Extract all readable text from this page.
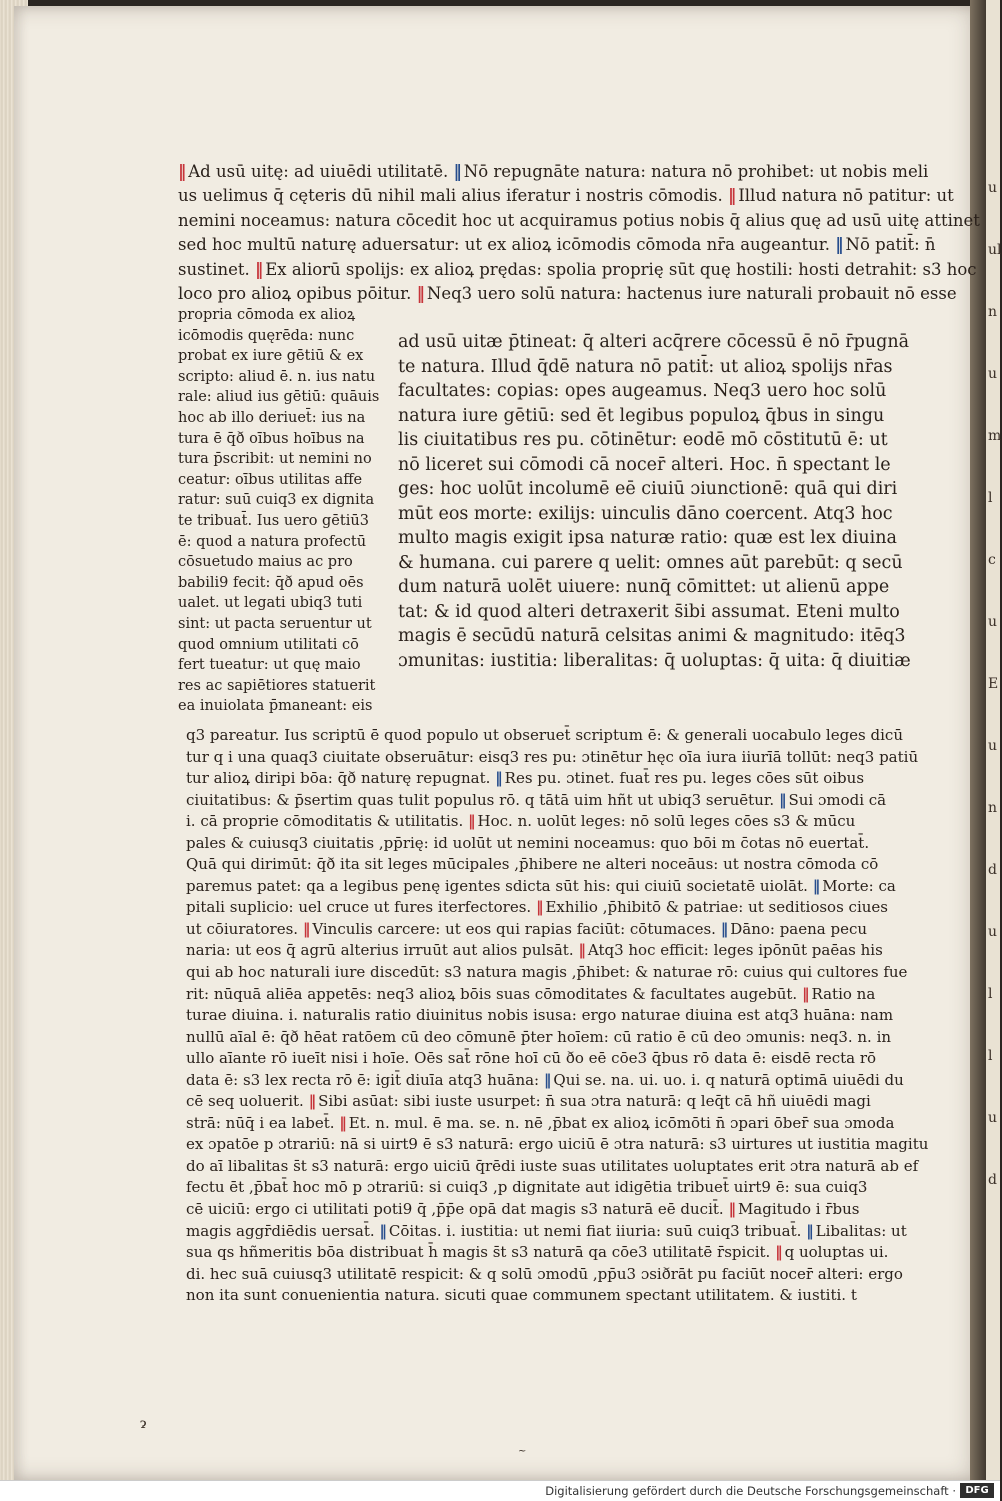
‖ Ad usū uitę: ad uiuēdi utilitatē. ‖ Nō repugnāte natura: natura nō prohibet: ut nobis meli
us uelimus q̄ cęteris dū nihil mali alius iferatur i nostris cōmodis. ‖ Illud natura nō patitur: ut
nemini noceamus: natura cōcedit hoc ut acquiramus potius nobis q̄ alius quę ad usū uitę attinet
sed hoc multū naturę aduersatur: ut ex alioꝝ icōmodis cōmoda nr̄a augeantur. ‖ Nō patit̄: n̄
sustinet. ‖ Ex aliorū spolijs: ex alioꝝ prędas: spolia proprię sūt quę hostili: hosti detrahit: s3 hoc
loco pro alioꝝ opibus pōitur. ‖ Neq3 uero solū natura: hactenus iure naturali probauit nō esse
propria cōmoda ex alioꝝ
icōmodis quęrēda: nunc
probat ex iure gētiū & ex
scripto: aliud ē. n. ius natu
rale: aliud ius gētiū: quāuis
hoc ab illo deriuet̄: ius na
tura ē q̄ð oībus hoībus na
tura p̄scribit: ut nemini no
ceatur: oībus utilitas affe
ratur: suū cuiq3 ex dignita
te tribuat̄. Ius uero gētiū3
ē: quod a natura profectū
cōsuetudo maius ac pro
babili9 fecit: q̄ð apud oēs
ualet. ut legati ubiq3 tuti
sint: ut pacta seruentur ut
quod omnium utilitati cō
fert tueatur: ut quę maio
res ac sapiētiores statuerit
ea inuiolata p̄maneant: eis
ad usū uitæ p̄tineat: q̄ alteri acq̄rere cōcessū ē nō r̄pugnā
te natura. Illud q̄dē natura nō patit̄: ut alioꝝ spolijs nr̄as
facultates: copias: opes augeamus. Neq3 uero hoc solū
natura iure gētiū: sed ēt legibus populoꝝ q̄bus in singu
lis ciuitatibus res pu. cōtinētur: eodē mō cōstitutū ē: ut
nō liceret sui cōmodi cā nocer̄ alteri. Hoc. n̄ spectant le
ges: hoc uolūt incolumē eē ciuiū ɔiunctionē: quā qui diri
mūt eos morte: exilijs: uinculis dāno coercent. Atq3 hoc
multo magis exigit ipsa naturæ ratio: quæ est lex diuina
& humana. cui parere q uelit: omnes aūt parebūt: q secū
dum naturā uolēt uiuere: nunq̄ cōmittet: ut alienū appe
tat: & id quod alteri detraxerit s̄ibi assumat. Eteni multo
magis ē secūdū naturā celsitas animi & magnitudo: itēq3
ɔmunitas: iustitia: liberalitas: q̄ uoluptas: q̄ uita: q̄ diuitiæ
q3 pareatur. Ius scriptū ē quod populo ut obseruet̄ scriptum ē: & generali uocabulo leges dicū
tur q i una quaq3 ciuitate obseruātur: eisq3 res pu: ɔtinētur hęc oīa iura iiurīā tollūt: neq3 patiū
tur alioꝝ diripi bōa: q̄ð naturę repugnat. ‖ Res pu. ɔtinet. fuat̄ res pu. leges cōes sūt oibus
ciuitatibus: & p̄sertim quas tulit populus rō. q tātā uim hñt ut ubiq3 seruētur. ‖ Sui ɔmodi cā
i. cā proprie cōmoditatis & utilitatis. ‖ Hoc. n. uolūt leges: nō solū leges cōes s3 & mūcu
pales & cuiusq3 ciuitatis ,pp̄rię: id uolūt ut nemini noceamus: quo bōi m c̄otas nō euertat̄.
Quā qui dirimūt: q̄ð ita sit leges mūcipales ,p̄hibere ne alteri noceāus: ut nostra cōmoda cō
paremus patet: qa a legibus penę igentes sdicta sūt his: qui ciuiū societatē uiolāt. ‖ Morte: ca
pitali suplicio: uel cruce ut fures iterfectores. ‖ Exhilio ,p̄hibitō & patriae: ut seditiosos ciues
ut cōiuratores. ‖ Vinculis carcere: ut eos qui rapias faciūt: cōtumaces. ‖ Dāno: paena pecu
naria: ut eos q̄ agrū alterius irruūt aut alios pulsāt. ‖ Atq3 hoc efficit: leges ipōnūt paēas his
qui ab hoc naturali iure discedūt: s3 natura magis ,p̄hibet: & naturae rō: cuius qui cultores fue
rit: nūquā aliēa appetēs: neq3 alioꝝ bōis suas cōmoditates & facultates augebūt. ‖ Ratio na
turae diuina. i. naturalis ratio diuinitus nobis isusa: ergo naturae diuina est atq3 huāna: nam
nullū aīal ē: q̄ð hēat ratōem cū deo cōmunē p̄ter hoīem: cū ratio ē cū deo ɔmunis: neq3. n. in
ullo aīante rō iueīt nisi i hoīe. Oēs sat̄ rōne hoī cū ðo eē cōe3 q̄bus rō data ē: eisdē recta rō
data ē: s3 lex recta rō ē: igit̄ diuīa atq3 huāna: ‖ Qui se. na. ui. uo. i. q naturā optimā uiuēdi du
cē seq uoluerit. ‖ Sibi asūat: sibi iuste usurpet: n̄ sua ɔtra naturā: q leq̄t cā hñ uiuēdi magi
strā: nūq̄ i ea labet̄. ‖ Et. n. mul. ē ma. se. n. nē ,p̄bat ex alioꝝ icōmōti n̄ ɔpari ōber̄ sua ɔmoda
ex ɔpatōe p ɔtrariū: nā si uirt9 ē s3 naturā: ergo uiciū ē ɔtra naturā: s3 uirtures ut iustitia magitu
do aī libalitas s̄t s3 naturā: ergo uiciū q̄rēdi iuste suas utilitates uoluptates erit ɔtra naturā ab ef
fectu ēt ,p̄bat̄ hoc mō p ɔtrariū: si cuiq3 ,p dignitate aut idigētia tribuet̄ uirt9 ē: sua cuiq3
cē uiciū: ergo ci utilitati poti9 q̄ ,p̄p̄e opā dat magis s3 naturā eē ducit̄. ‖ Magitudo i r̄bus
magis aggr̄diēdis uersat̄. ‖ Cōitas. i. iustitia: ut nemi fiat iiuria: suū cuiq3 tribuat̄. ‖ Libalitas: ut
sua qs hñmeritis bōa distribuat h̄ magis s̄t s3 naturā qa cōe3 utilitatē r̄spicit. ‖ q uoluptas ui.
di. hec suā cuiusq3 utilitatē respicit: & q solū ɔmodū ,pp̄u3 ɔsiðrāt pu faciūt nocer̄ alteri: ergo
non ita sunt conuenientia natura. sicuti quae communem spectant utilitatem. & iustiti. t
ɂ
~
u
ul
n
u
m
l
c
u
E
u
n
d
u
l
l
u
d
Digitalisierung gefördert durch die Deutsche Forschungsgemeinschaft · DFG
